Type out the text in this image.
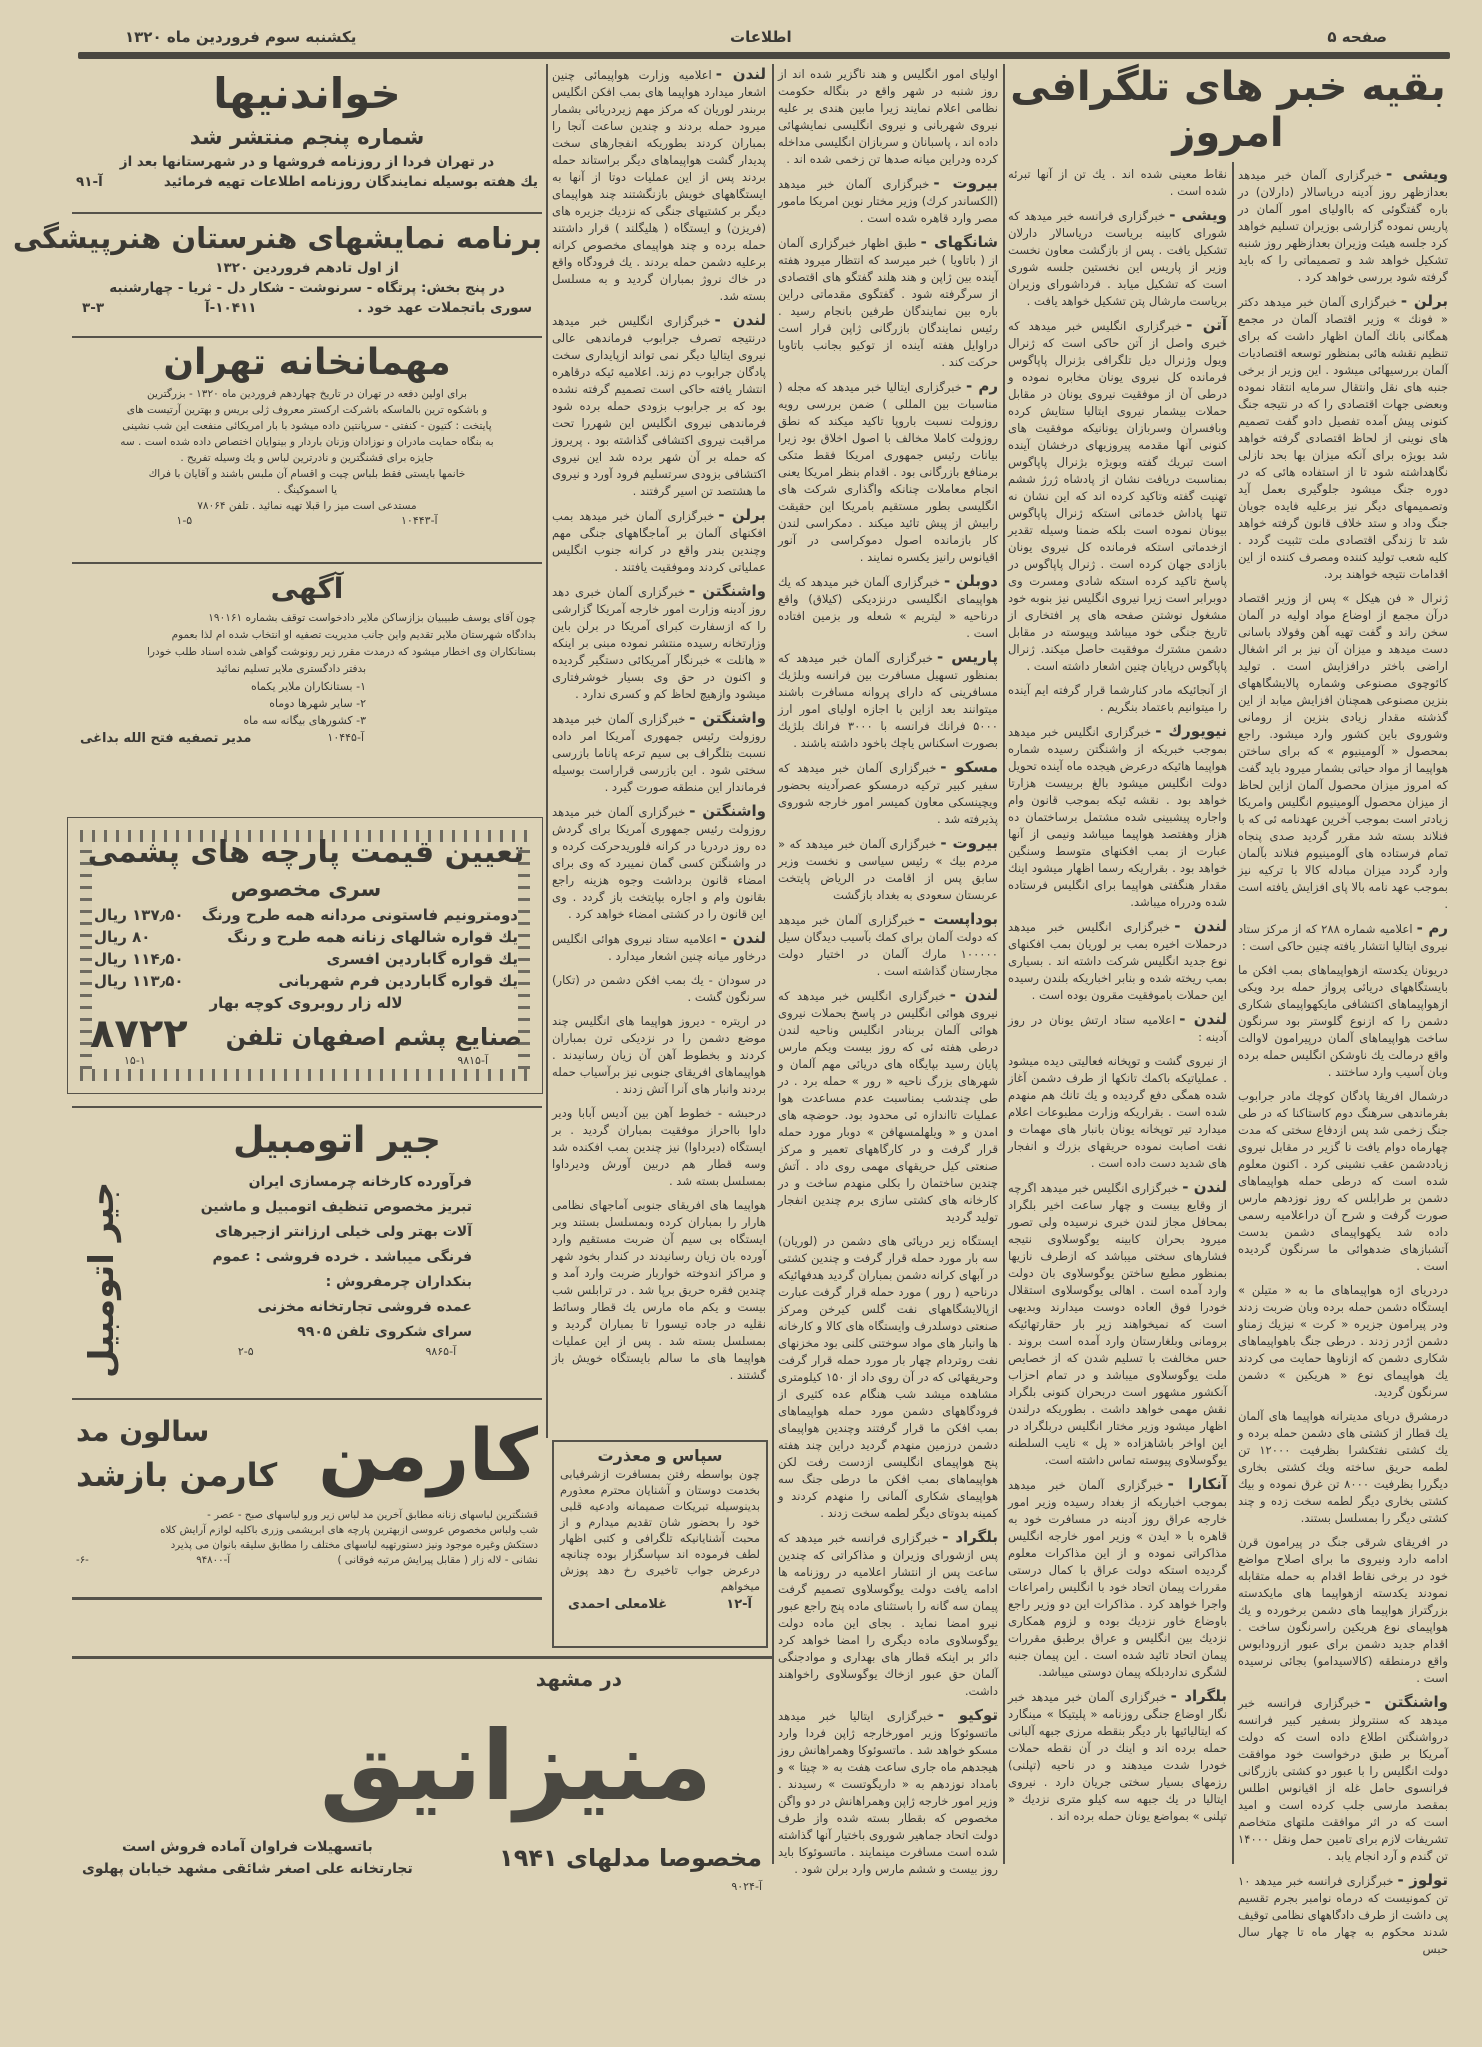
صفحه ۵
اطلاعات
یکشنبه سوم فروردین ماه ۱۳۲۰
خواندنیها
شماره پنجم منتشر شد
در تهران فردا از روزنامه فروشها و در شهرستانها بعد از
یك هفته بوسیله نمایندگان روزنامه اطلاعات تهیه فرمائید
آ-۹۱
برنامه نمایشهای هنرستان هنرپیشگی
از اول تادهم فروردین ۱۳۲۰
در پنج بخش: پرتگاه - سرنوشت - شکار دل - ثریا - چهارشنبه
سوری باتجملات عهد خود .
۱۰۴۱۱-آ
۳-۳
مهمانخانه تهران
برای اولین دفعه در تهران در تاریخ چهاردهم فروردین ماه ۱۳۲۰ - بزرگترین
و باشکوه ترین بالماسکه باشرکت ارکستر معروف ژلی بریس و بهترین آرتیست های
پایتخت : کتیون - کنفتی - سرپانتین داده میشود با بار امریکائی منفعت این شب نشینی
به بنگاه حمایت مادران و نوزادان وزنان باردار و بینوایان اختصاص داده شده است . سه
جایزه برای قشنگترین و نادرترین لباس و یك وسیله تفریح .
خانمها بایستی فقط بلباس چیت و اقسام آن ملبس باشند و آقایان با فراك
یا اسموکینگ .
مستدعی است میز را قبلا تهیه نمائید . تلفن ۷۸۰۶۴
آ-۱۰۴۴۳
۱-۵
آگهی
چون آقای یوسف طبیبیان بزازساکن ملایر دادخواست توقف بشماره ۱۹۰۱۶۱
بدادگاه شهرستان ملایر تقدیم واین جانب مدیریت تصفیه او انتخاب شده ام لذا بعموم
بستانکاران وی اخطار میشود که درمدت مقرر زیر رونوشت گواهی شده اسناد طلب خودرا
بدفتر دادگستری ملایر تسلیم نمائید
۱- بستانکاران ملایر یکماه
۲- سایر شهرها دوماه
۳- کشورهای بیگانه سه ماه
آ-۱۰۴۴۵
مدیر تصفیه فتح الله بداغی
تعیین قیمت پارچه های پشمی
سری مخصوص
دومترونیم فاستونی مردانه همه طرح ورنگ
۱۳۷٫۵۰ ریال
یك قواره شالهای زنانه همه طرح و رنگ
۸۰ ریال
یك قواره گاباردین افسری
۱۱۴٫۵۰ ریال
یك قواره گاباردین فرم شهربانی
۱۱۳٫۵۰ ریال
لاله زار روبروی کوچه بهار
صنایع پشم اصفهان تلفن
۸۷۲۲
آ-۹۸۱۵
۱۵-۱
جیر اتومبیل
فرآورده کارخانه چرمسازی ایران
تبریز مخصوص تنظیف اتومبیل و ماشین
آلات بهتر ولی خیلی ارزانتر ازجیرهای
فرنگی میباشد . خرده فروشی : عموم
بنکداران چرمفروش :
عمده فروشی تجارتخانه مخزنی
سرای شکروی تلفن ۹۹۰۵
آ-۹۸۶۵
۲-۵
جیر اتومبیل
کارمن
سالون مد
کارمن بازشد
قشنگترین لباسهای زنانه مطابق آخرین مد لباس زیر ورو لباسهای صبح - عصر -
شب ولباس مخصوص عروسی ازبهترین پارچه های ابریشمی وزری باکلیه لوازم آرایش کلاه
دستکش وغیره موجود ونیز دستورتهیه لباسهای مختلف را مطابق سلیقه بانوان می پذیرد
نشانی - لاله زار ( مقابل پیرایش مرتبه فوقانی )
آ-۹۴۸۰۰
-۶-
سپاس و معذرت
چون بواسطه رفتن بمسافرت ازشرفیابی بخدمت دوستان و آشنایان محترم معذورم بدینوسیله تبریکات صمیمانه وادعیه قلبی خود را بحضور شان تقدیم میدارم و از محبت آشنایانیکه تلگرافی و کتبی اظهار لطف فرموده اند سپاسگزار بوده چنانچه درعرض جواب تاخیری رخ دهد پوزش میخواهم
آ-۱۲
غلامعلی احمدی
در مشهد
منیزانیق
مخصوصا مدلهای ۱۹۴۱
باتسهیلات فراوان آماده فروش است
تجارتخانه علی اصغر شائقی مشهد خیابان پهلوی
آ-۹۰۲۴
بقیه خبر های تلگرافی امروز

لندن -اعلامیه وزارت هواپیمائی چنین اشعار میدارد هواپیما های بمب افکن انگلیس بربندر لوریان که مرکز مهم زیردریائی بشمار میرود حمله بردند و چندین ساعت آنجا را بمباران کردند بطوریکه انفجارهای سخت پدیدار گشت هواپیماهای دیگر براستاند حمله بردند پس از این عملیات دوتا از آنها به ایستگاههای خویش بازنگشتند چند هواپیمای دیگر بر کشتیهای جنگی که نزدیك جزیره های (فریزن) و ایستگاه ( هلیگلند ) قرار داشتند حمله برده و چند هواپیمای مخصوص کرانه برعلیه دشمن حمله بردند . یك فرودگاه واقع در خاك نروژ بمباران گردید و به مسلسل بسته شد.

لندن -خبرگزاری انگلیس خبر میدهد درنتیجه تصرف جرابوب فرماندهی عالی نیروی ایتالیا دیگر نمی تواند ازپایداری سخت پادگان جرابوب دم زند. اعلامیه ئیکه درقاهره انتشار یافته حاکی است تصمیم گرفته نشده بود که بر جرابوب بزودی حمله برده شود فرماندهی نیروی انگلیس این شهررا تحت مراقبت نیروی اکتشافی گذاشته بود . پریروز که حمله بر آن شهر برده شد این نیروی اکتشافی بزودی سرتسلیم فرود آورد و نیروی ما هشتصد تن اسیر گرفتند .

برلن -خبرگزاری آلمان خبر میدهد بمب افکنهای آلمان بر آماجگاههای جنگی مهم وچندین بندر واقع در کرانه جنوب انگلیس عملیاتی کردند وموفقیت یافتند .

واشنگتن -خبرگزاری آلمان خبری دهد روز آدینه وزارت امور خارجه آمریکا گزارشی را که ازسفارت کبرای آمریکا در برلن باین وزارتخانه رسیده منتشر نموده مبنی بر اینکه « هانلت » خبرنگار آمریکائی دستگیر گردیده و اکنون در حق وی بسیار خوشرفتاری میشود وازهیچ لحاظ کم و کسری ندارد .

واشنگتن -خبرگزاری آلمان خبر میدهد روزولت رئیس جمهوری آمریکا امر داده نسبت بتلگراف بی سیم ترعه پاناما بازرسی سختی شود . این بازرسی قراراست بوسیله فرماندار این منطقه صورت گیرد .

واشنگتن -خبرگزاری آلمان خبر میدهد روزولت رئیس جمهوری آمریکا برای گردش ده روز دردریا در کرانه فلوریدحرکت کرده و در واشنگتن کسی گمان نمیبرد که وی برای امضاء قانون برداشت وجوه هزینه راجع بقانون وام و اجاره بپایتخت باز گردد . وی این قانون را در کشتی امضاء خواهد کرد .

لندن -اعلامیه ستاد نیروی هوائی انگلیس درخاور میانه چنین اشعار میدارد .

در سودان - یك بمب افکن دشمن در (تکار) سرنگون گشت .

در اریتره - دیروز هواپیما های انگلیس چند موضع دشمن را در نزدیکی ترن بمباران کردند و بخطوط آهن آن زیان رسانیدند . هواپیماهای افریقای جنوبی نیز برآسیاب حمله بردند وانبار های آنرا آتش زدند .

درحبشه - خطوط آهن بین آدیس آبابا ودیر داوا بااحراز موفقیت بمباران گردید . بر ایستگاه (دیرداوا) نیز چندین بمب افکنده شد وسه قطار هم دربین آورش ودیرداوا بمسلسل بسته شد .

هواپیما های افریقای جنوبی آماجهای نظامی هارار را بمباران کرده وبمسلسل بستند وبر ایستگاه بی سیم آن ضربت مستقیم وارد آورده بان زیان رسانیدند در کندار بخود شهر و مراکز اندوخته خواربار ضربت وارد آمد و چندین فقره حریق برپا شد . در ترابلس شب بیست و یکم ماه مارس یك قطار وسائط نقلیه در جاده تیسورا تا بمباران گردید و بمسلسل بسته شد . پس از این عملیات هواپیما های ما سالم بایستگاه خویش باز گشتند .

اولیای امور انگلیس و هند ناگزیر شده اند از روز شنبه در شهر واقع در بنگاله حکومت نظامی اعلام نمایند زیرا مابین هندی بر علیه نیروی شهربانی و نیروی انگلیسی نمایشهائی داده اند ، پاسبانان و سربازان انگلیسی مداخله کرده ودراین میانه صدها تن زخمی شده اند .

بیروت -خبرگزاری آلمان خبر میدهد (الکساندر کرك) وزیر مختار نوین امریکا مامور مصر وارد قاهره شده است .

شانگهای -طبق اظهار خبرگزاری آلمان از ( باتاویا ) خبر میرسد که انتظار میرود هفته آینده بین ژاپن و هند هلند گفتگو های اقتصادی از سرگرفته شود . گفتگوی مقدماتی دراین باره بین نمایندگان طرفین بانجام رسید . رئیس نمایندگان بازرگانی ژاپن قرار است دراوایل هفته آینده از توکیو بجانب باتاویا حرکت کند .

رم -خبرگزاری ایتالیا خبر میدهد که مجله ( مناسبات بین المللی ) ضمن بررسی رویه روزولت نسبت باروپا تاکید میکند که نطق روزولت کاملا مخالف با اصول اخلاق بود زیرا بیانات رئیس جمهوری امریکا فقط متکی برمنافع بازرگانی بود . اقدام بنظر امریکا یعنی انجام معاملات چنانکه واگذاری شرکت های انگلیسی بطور مستقیم بامریکا این حقیقت رابیش از پیش تائید میکند . دمکراسی لندن کار بازمانده اصول دموکراسی در آنور اقیانوس رانیز یکسره نمایند .

دوبلن -خبرگزاری آلمان خبر میدهد که یك هواپیمای انگلیسی درنزدیکی (کیلاق) واقع درناحیه « لیتریم » شعله ور بزمین افتاده است .

پاریس -خبرگزاری آلمان خبر میدهد که بمنظور تسهیل مسافرت بین فرانسه وبلژیك مسافرینی که دارای پروانه مسافرت باشند میتوانند بعد ازاین با اجازه اولیای امور ارز ۵۰۰۰ فرانك فرانسه با ۳۰۰۰ فرانك بلژیك بصورت اسکناس یاچك باخود داشته باشند .

مسکو -خبرگزاری آلمان خبر میدهد که سفیر کبیر ترکیه درمسکو عصرآدینه بحضور ویچینسکی معاون کمیسر امور خارجه شوروی پذیرفته شد .

بیروت -خبرگزاری آلمان خبر میدهد که « مردم بیك » رئیس سیاسی و نخست وزیر سابق پس از اقامت در الریاض پایتخت عربستان سعودی به بغداد بازگشت

بوداپست -خبرگزاری آلمان خبر میدهد که دولت آلمان برای کمك بآسیب دیدگان سیل ۱۰۰۰۰۰ مارك آلمان در اختیار دولت مجارستان گذاشته است .

لندن -خبرگزاری انگلیس خبر میدهد که نیروی هوائی انگلیس در پاسخ بحملات نیروی هوائی آلمان بربنادر انگلیس وناحیه لندن درطی هفته ئی که روز بیست ویکم مارس پایان رسید بپایگاه های دریائی مهم آلمان و شهرهای بزرگ ناحیه « رور » حمله برد . در طی چندشب بمناسبت عدم مساعدت هوا عملیات تااندازه ئی محدود بود. حوضچه های امدن و « ویلهلمسهافن » دوبار مورد حمله قرار گرفت و در کارگاههای تعمیر و مرکز صنعتی کیل حریقهای مهمی روی داد . آتش چندین ساختمان را بکلی منهدم ساخت و در کارخانه های کشتی سازی برم چندین انفجار تولید گردید

ایستگاه زیر دریائی های دشمن در (لوریان) سه بار مورد حمله قرار گرفت و چندین کشتی در آبهای کرانه دشمن بمباران گردید هدفهائیکه درناحیه ( رور ) مورد حمله قرار گرفت عبارت ازپالایشگاههای نفت گلس کیرخن ومرکز صنعتی دوسلدرف وایستگاه های کالا و کارخانه ها وانبار های مواد سوختنی کلنی بود مخزنهای نفت روتردام چهار بار مورد حمله قرار گرفت وحریقهائی که در آن روی داد از ۱۵۰ کیلومتری مشاهده میشد شب هنگام عده کثیری از فرودگاههای دشمن مورد حمله هواپیماهای بمب افکن ما قرار گرفتند وچندین هواپیمای دشمن درزمین منهدم گردید دراین چند هفته پنج هواپیمای انگلیسی ازدست رفت لکن هواپیماهای بمب افکن ما درطی جنگ سه هواپیمای شکاری آلمانی را منهدم کردند و کمینه بدوتای دیگر لطمه سخت زدند .

بلگراد -خبرگزاری فرانسه خبر میدهد که پس ازشورای وزیران و مذاکراتی که چندین ساعت پس از انتشار اعلامیه در روزنامه ها ادامه یافت دولت یوگوسلاوی تصمیم گرفت پیمان سه گانه را باستثنای ماده پنج راجع عبور نیرو امضا نماید . بجای این ماده دولت یوگوسلاوی ماده دیگری را امضا خواهد کرد دائر بر اینکه قطار های بهداری و موادجنگی آلمان حق عبور ازخاك یوگوسلاوی راخواهند داشت.

توکیو -خبرگزاری ایتالیا خبر میدهد ماتسوئوکا وزیر امورخارجه ژاپن فردا وارد مسکو خواهد شد . ماتسوئوکا وهمراهانش روز هیجدهم ماه جاری ساعت هفت به « چیتا » و بامداد نوزدهم به « داریگوتست » رسیدند . وزیر امور خارجه ژاپن وهمراهانش در دو واگن مخصوص که بقطار بسته شده واز طرف دولت اتحاد جماهیر شوروی باختیار آنها گذاشته شده است مسافرت مینمایند . ماتسوئوکا باید روز بیست و ششم مارس وارد برلن شود .

نقاط معینی شده اند . یك تن از آنها تبرئه شده است .

ویشی -خبرگزاری فرانسه خبر میدهد که شورای کابینه بریاست دریاسالار دارلان تشکیل یافت . پس از بازگشت معاون نخست وزیر از پاریس این نخستین جلسه شوری است که تشکیل میابد . فرداشورای وزیران بریاست مارشال پتن تشکیل خواهد یافت .

آتن -خبرگزاری انگلیس خبر میدهد که خبری واصل از آتن حاکی است که ژنرال ویول وژنرال دیل تلگرافی بژنرال پاپاگوس فرمانده کل نیروی یونان مخابره نموده و درطی آن از موفقیت نیروی یونان در مقابل حملات بیشمار نیروی ایتالیا ستایش کرده وبافسران وسربازان یونانیکه موفقیت های کنونی آنها مقدمه پیروزیهای درخشان آینده است تبریك گفته وبویژه بژنرال پاپاگوس بمناسبت دریافت نشان از پادشاه ژرژ ششم تهنیت گفته وتاکید کرده اند که این نشان نه تنها پاداش خدماتی استکه ژنرال پاپاگوس بیونان نموده است بلکه ضمنا وسیله تقدیر ازخدماتی استکه فرمانده کل نیروی یونان بازادی جهان کرده است . ژنرال پاپاگوس در پاسخ تاکید کرده استکه شادی ومسرت وی دوبرابر است زیرا نیروی انگلیس نیز بنوبه خود مشغول نوشتن صفحه های پر افتخاری از تاریخ جنگی خود میباشد وپیوسته در مقابل دشمن مشترك موفقیت حاصل میکند. ژنرال پاپاگوس درپایان چنین اشعار داشته است .

از آنجائیکه مادر کنارشما قرار گرفته ایم آینده را میتوانیم باعتماد بنگریم .

نیویورك -خبرگزاری انگلیس خبر میدهد بموجب خبریکه از واشنگتن رسیده شماره هواپیما هائیکه درعرض هیجده ماه آینده تحویل دولت انگلیس میشود بالغ بربیست هزارتا خواهد بود . نقشه ئیکه بموجب قانون وام واجاره پیشبینی شده مشتمل برساختمان ده هزار وهفتصد هواپیما میباشد ونیمی از آنها عبارت از بمب افکنهای متوسط وسنگین خواهد بود . بقراریکه رسما اظهار میشود اینك مقدار هنگفتی هواپیما برای انگلیس فرستاده شده ودرراه میباشد.

لندن -خبرگزاری انگلیس خبر میدهد درحملات اخیره بمب بر لوریان بمب افکنهای نوع جدید انگلیس شرکت داشته اند . بسیاری بمب ریخته شده و بنابر اخباریکه بلندن رسیده این حملات باموفقیت مقرون بوده است .

لندن -اعلامیه ستاد ارتش یونان در روز آدینه :

از نیروی گشت و توپخانه فعالیتی دیده میشود . عملیاتیکه باکمك تانکها از طرف دشمن آغاز شده همگی دفع گردیده و یك تانك هم منهدم شده است . بقراریکه وزارت مطبوعات اعلام میدارد تیر توپخانه یونان بانبار های مهمات و نفت اصابت نموده حریقهای بزرك و انفجار های شدید دست داده است .

لندن -خبرگزاری انگلیس خبر میدهد اگرچه از وقایع بیست و چهار ساعت اخیر بلگراد بمحافل مجاز لندن خبری نرسیده ولی تصور میرود بحران کابینه یوگوسلاوی نتیجه فشارهای سختی میباشد که ازطرف نازیها بمنظور مطیع ساختن یوگوسلاوی بان دولت وارد آمده است . اهالی یوگوسلاوی استقلال خودرا فوق العاده دوست میدارند وبدیهی است که نمیخواهند زیر بار حقارتهائیکه برومانی وبلغارستان وارد آمده است بروند . حس مخالفت با تسلیم شدن که از خصایص ملت یوگوسلاوی میباشد و در تمام احزاب آنکشور مشهور است دربحران کنونی بلگراد نقش مهمی خواهد داشت . بطوریکه درلندن اظهار میشود وزیر مختار انگلیس دربلگراد در این اواخر باشاهزاده « پل » نایب السلطنه یوگوسلاوی پیوسته تماس داشته است.

آنکارا -خبرگزاری آلمان خبر میدهد بموجب اخباریکه از بغداد رسیده وزیر امور خارجه عراق روز آدینه در مسافرت خود به قاهره با « ایدن » وزیر امور خارجه انگلیس مذاکراتی نموده و از این مذاکرات معلوم گردیده استکه دولت عراق با کمال درستی مقررات پیمان اتحاد خود با انگلیس رامراعات واجرا خواهد کرد . مذاکرات این دو وزیر راجع باوضاع خاور نزدیك بوده و لزوم همکاری نزدیك بین انگلیس و عراق برطبق مقررات پیمان اتحاد تائید شده است . این پیمان جنبه لشگری نداردبلکه پیمان دوستی میباشد.

بلگراد -خبرگزاری آلمان خبر میدهد خبر نگار اوضاع جنگی روزنامه « پلیتیکا » مینگارد که ایتالیائیها بار دیگر بنقطه مرزی جبهه آلبانی حمله برده اند و اینك در آن نقطه حملات خودرا شدت میدهند و در ناحیه (تپلنی) رزمهای بسیار سختی جریان دارد . نیروی ایتالیا در یك جبهه سه کیلو متری نزدیك « تپلنی » بمواضع یونان حمله برده اند .

ویشی -خبرگزاری آلمان خبر میدهد بعدازظهر روز آدینه دریاسالار (دارلان) در باره گفتگوئی که بااولیای امور آلمان در پاریس نموده گزارشی بوزیران تسلیم خواهد کرد جلسه هیئت وزیران بعدازظهر روز شنبه تشکیل خواهد شد و تصمیماتی را که باید گرفته شود بررسی خواهد کرد .

برلن -خبرگزاری آلمان خبر میدهد دکتر « فونك » وزیر اقتصاد آلمان در مجمع همگانی بانك آلمان اظهار داشت که برای تنظیم نقشه هائی بمنظور توسعه اقتصادیات آلمان بررسیهائی میشود . این وزیر از برخی جنبه های نقل وانتقال سرمایه انتقاد نموده وبعضی جهات اقتصادی را که در نتیجه جنگ کنونی پیش آمده تفصیل دادو گفت تصمیم های نوینی از لحاظ اقتصادی گرفته خواهد شد بویژه برای آنکه میزان بها بحد نازلی نگاهداشته شود تا از استفاده هائی که در دوره جنگ میشود جلوگیری بعمل آید وتصمیمهای دیگر نیز برعلیه فایده جویان جنگ وداد و ستد خلاف قانون گرفته خواهد شد تا زندگی اقتصادی ملت تثبیت گردد . کلیه شعب تولید کننده ومصرف کننده از این اقدامات نتیجه خواهند برد.

ژنرال « فن هیکل » پس از وزیر اقتصاد درآن مجمع از اوضاع مواد اولیه در آلمان سخن راند و گفت تهیه آهن وفولاد باسانی دست میدهد و میزان آن نیز بر اثر اشغال اراضی باختر درافزایش است . تولید کائوچوی مصنوعی وشماره پالایشگاههای بنزین مصنوعی همچنان افزایش میابد از این گذشته مقدار زیادی بنزین از رومانی وشوروی باین کشور وارد میشود. راجع بمحصول « آلومینیوم » که برای ساختن هواپیما از مواد حیاتی بشمار میرود باید گفت که امروز میزان محصول آلمان ازاین لحاظ از میزان محصول آلومینیوم انگلیس وامریکا زیادتر است بموجب آخرین عهدنامه ئی که با فنلاند بسته شد مقرر گردید صدی پنجاه تمام فرستاده های آلومینیوم فنلاند بآلمان وارد گردد میزان مبادله کالا با ترکیه نیز بموجب عهد نامه بالا پای افزایش یافته است .

رم -اعلامیه شماره ۲۸۸ که از مرکز ستاد نیروی ایتالیا انتشار یافته چنین حاکی است :

دریونان یکدسته ازهواپیماهای بمب افکن ما بایستگاههای دریائی پرواز حمله برد ویکی ازهواپیماهای اکتشافی مایکهواپیمای شکاری دشمن را که ازنوع گلوستر بود سرنگون ساخت هواپیماهای آلمان درپیرامون لاوالت واقع درمالت یك ناوشکن انگلیس حمله برده وبان آسیب وارد ساختند .

درشمال افریقا پادگان کوچك مادر جرابوب بفرماندهی سرهنگ دوم کاستاکنا که در طی جنگ زخمی شد پس ازدفاع سختی که مدت چهارماه دوام یافت نا گزیر در مقابل نیروی زیاددشمن عقب نشینی کرد . اکنون معلوم شده است که درطی حمله هواپیماهای دشمن بر طرابلس که روز نوزدهم مارس صورت گرفت و شرح آن دراعلامیه رسمی داده شد یکهواپیمای دشمن بدست آتشبازهای ضدهوائی ما سرنگون گردیده است .

دردریای اژه هواپیماهای ما به « متیلن » ایستگاه دشمن حمله برده وبان ضربت زدند ودر پیرامون جزیره « کرت » نیزیك زمناو دشمن اژدر زدند . درطی جنگ باهواپیماهای شکاری دشمن که ازناوها حمایت می کردند یك هواپیمای نوع « هریکین » دشمن سرنگون گردید.

درمشرق دریای مدیترانه هواپیما های آلمان یك قطار از کشتی های دشمن حمله برده و یك کشتی نفتکشرا بظرفیت ۱۲۰۰۰ تن لطمه حریق ساخته ویك کشتی بخاری دیگررا بظرفیت ۸۰۰۰ تن غرق نموده و بیك کشتی بخاری دیگر لطمه سخت زده و چند کشتی دیگر را بمسلسل بستند.

در افریقای شرقی جنگ در پیرامون قرن ادامه دارد ونیروی ما برای اصلاح مواضع خود در برخی نقاط اقدام به حمله متقابله نمودند یکدسته ازهواپیما های مایکدسته بزرگتراز هواپیما های دشمن برخورده و یك هواپیمای نوع هریکین راسرنگون ساخت . اقدام جدید دشمن برای عبور ازرودابوس واقع درمنطقه (کالاسیدامو) بجائی نرسیده است .

واشنگتن -خبرگزاری فرانسه خبر میدهد که سنترولز بسفیر کبیر فرانسه درواشنگتن اطلاع داده است که دولت آمریکا بر طبق درخواست خود موافقت دولت انگلیس را با عبور دو کشتی بازرگانی فرانسوی حامل غله از اقیانوس اطلس بمقصد مارسی جلب کرده است و امید است که در اثر موافقت ملتهای متخاصم تشریفات لازم برای تامین حمل ونقل ۱۴۰۰۰ تن گندم و آرد انجام یابد .

تولوز -خبرگزاری فرانسه خبر میدهد ۱۰ تن کمونیست که درماه نوامبر بجرم تقسیم پی داشت از طرف دادگاههای نظامی توقیف شدند محکوم به چهار ماه تا چهار سال حبس
